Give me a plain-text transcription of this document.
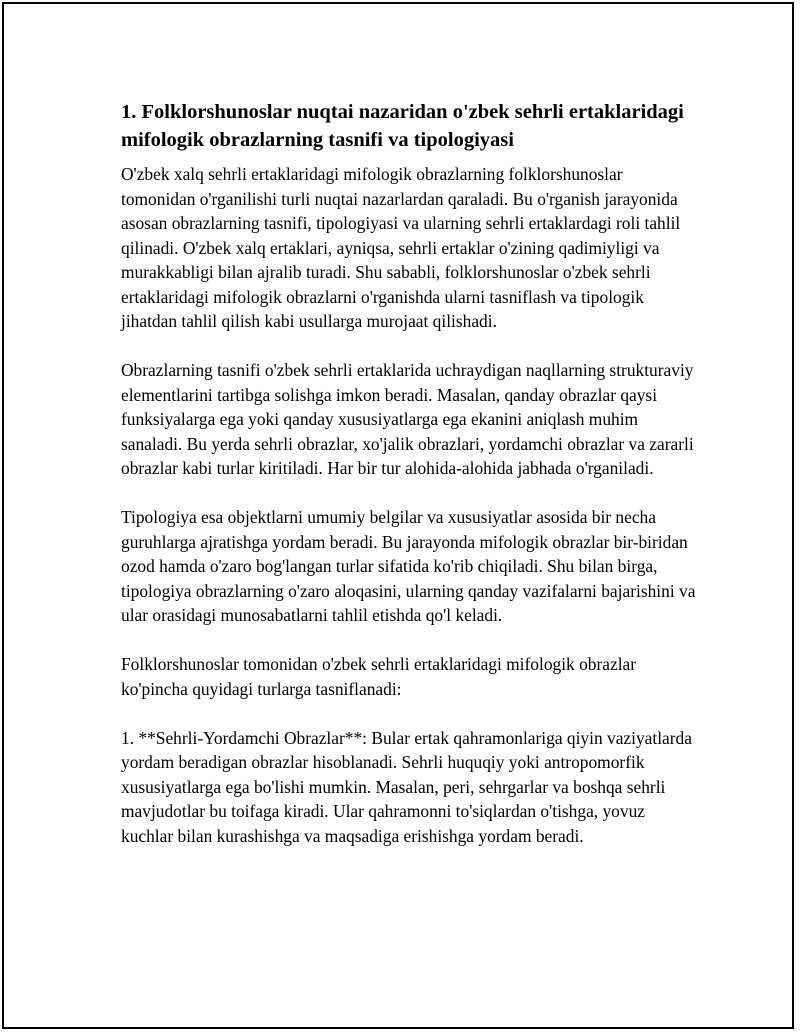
1. Folklorshunoslar nuqtai nazaridan o'zbek sehrli ertaklaridagi mifologik obrazlarning tasnifi va tipologiyasi

O'zbek xalq sehrli ertaklaridagi mifologik obrazlarning folklorshunoslar tomonidan o'rganilishi turli nuqtai nazarlardan qaraladi. Bu o'rganish jarayonida asosan obrazlarning tasnifi, tipologiyasi va ularning sehrli ertaklardagi roli tahlil qilinadi. O'zbek xalq ertaklari, ayniqsa, sehrli ertaklar o'zining qadimiyligi va murakkabligi bilan ajralib turadi. Shu sababli, folklorshunoslar o'zbek sehrli ertaklaridagi mifologik obrazlarni o'rganishda ularni tasniflash va tipologik jihatdan tahlil qilish kabi usullarga murojaat qilishadi.

Obrazlarning tasnifi o'zbek sehrli ertaklarida uchraydigan naqllarning strukturaviy elementlarini tartibga solishga imkon beradi. Masalan, qanday obrazlar qaysi funksiyalarga ega yoki qanday xususiyatlarga ega ekanini aniqlash muhim sanaladi. Bu yerda sehrli obrazlar, xo'jalik obrazlari, yordamchi obrazlar va zararli obrazlar kabi turlar kiritiladi. Har bir tur alohida-alohida jabhada o'rganiladi.

Tipologiya esa objektlarni umumiy belgilar va xususiyatlar asosida bir necha guruhlarga ajratishga yordam beradi. Bu jarayonda mifologik obrazlar bir-biridan ozod hamda o'zaro bog'langan turlar sifatida ko'rib chiqiladi. Shu bilan birga, tipologiya obrazlarning o'zaro aloqasini, ularning qanday vazifalarni bajarishini va ular orasidagi munosabatlarni tahlil etishda qo'l keladi.

Folklorshunoslar tomonidan o'zbek sehrli ertaklaridagi mifologik obrazlar ko'pincha quyidagi turlarga tasniflanadi:

1. **Sehrli-Yordamchi Obrazlar**: Bular ertak qahramonlariga qiyin vaziyatlarda yordam beradigan obrazlar hisoblanadi. Sehrli huquqiy yoki antropomorfik xususiyatlarga ega bo'lishi mumkin. Masalan, peri, sehrgarlar va boshqa sehrli mavjudotlar bu toifaga kiradi. Ular qahramonni to'siqlardan o'tishga, yovuz kuchlar bilan kurashishga va maqsadiga erishishga yordam beradi.
